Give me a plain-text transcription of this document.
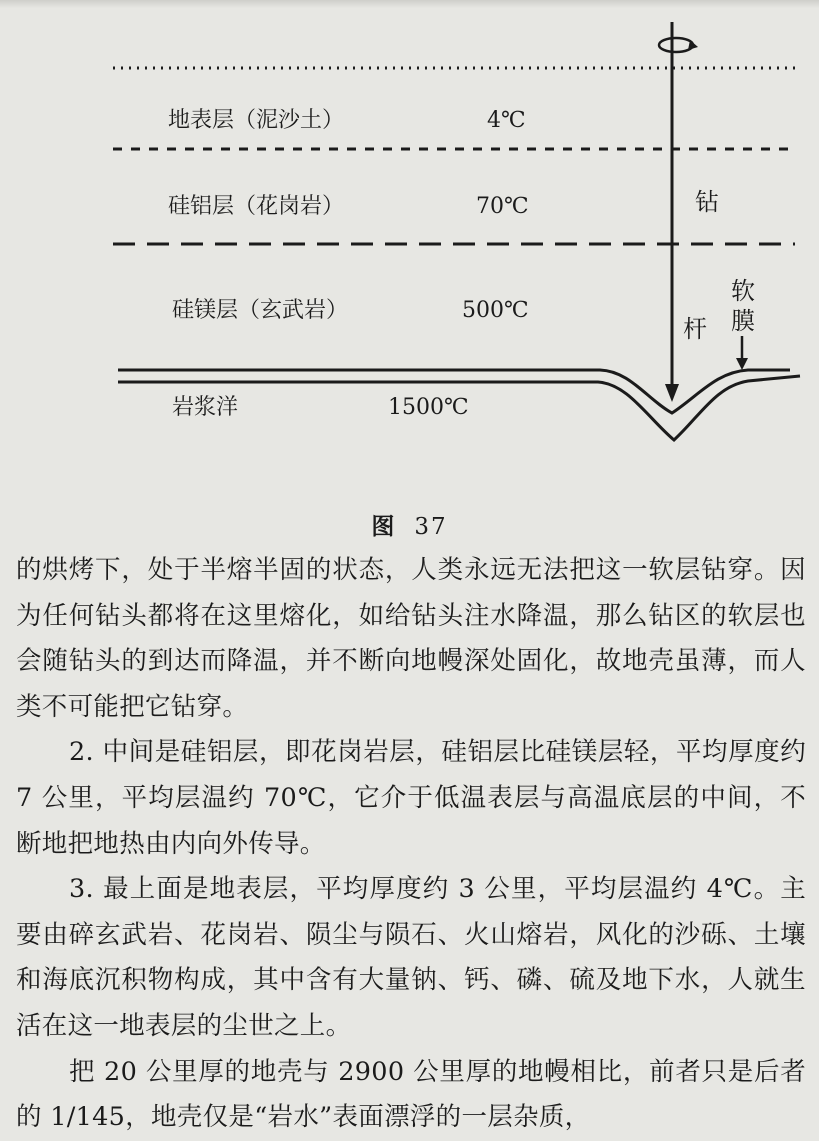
地表层（泥沙土）	4℃
硅铝层（花岗岩）	70℃
硅镁层（玄武岩）	500℃
岩浆洋	1500℃
钻
杆
软
膜
图 37

的烘烤下，处于半熔半固的状态，人类永远无法把这一软层钻穿。因为任何钻头都将在这里熔化，如给钻头注水降温，那么钻区的软层也会随钻头的到达而降温，并不断向地幔深处固化，故地壳虽薄，而人类不可能把它钻穿。

2. 中间是硅铝层，即花岗岩层，硅铝层比硅镁层轻，平均厚度约 7 公里，平均层温约 70℃，它介于低温表层与高温底层的中间，不断地把地热由内向外传导。

3. 最上面是地表层，平均厚度约 3 公里，平均层温约 4℃。主要由碎玄武岩、花岗岩、陨尘与陨石、火山熔岩，风化的沙砾、土壤和海底沉积物构成，其中含有大量钠、钙、磷、硫及地下水，人就生活在这一地表层的尘世之上。

把 20 公里厚的地壳与 2900 公里厚的地幔相比，前者只是后者的 1/145，地壳仅是“岩水”表面漂浮的一层杂质，
